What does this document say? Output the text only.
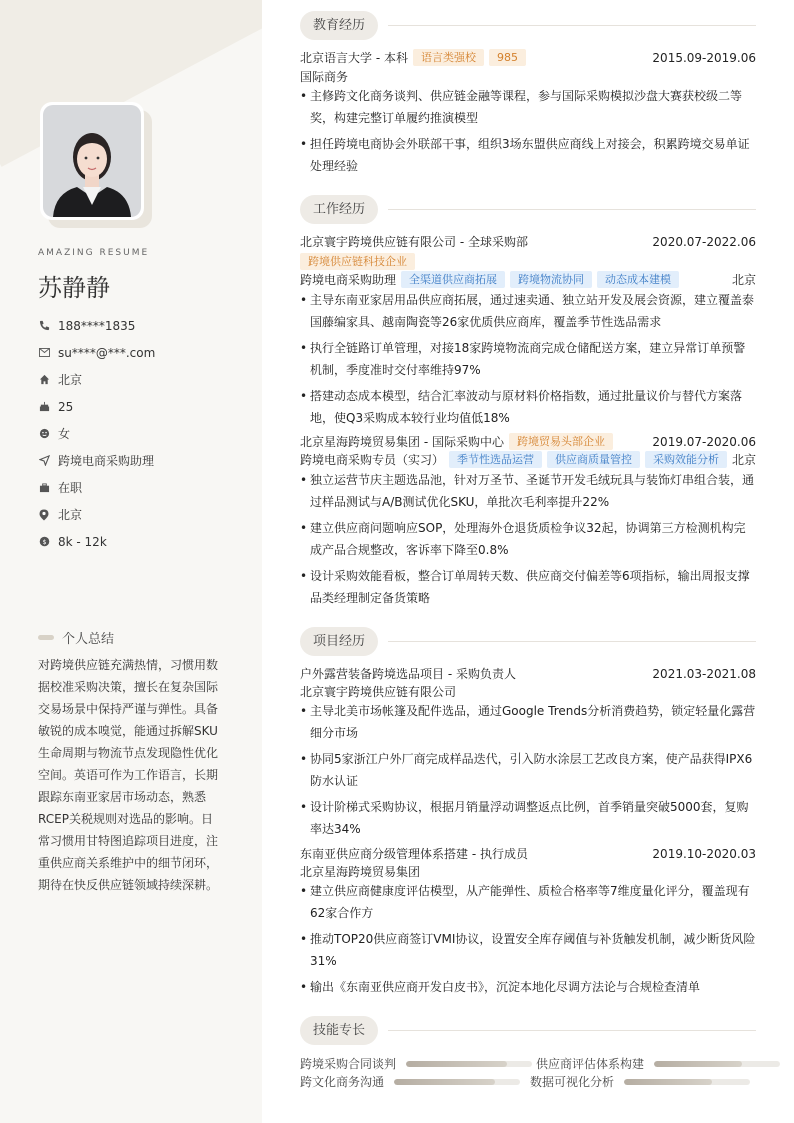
AMAZING RESUME
苏静静
188****1835
su****@***.com
北京
25
女
跨境电商采购助理
在职
北京
$ 8k - 12k
个人总结
对跨境供应链充满热情，习惯用数据校准采购决策，擅长在复杂国际交易场景中保持严谨与弹性。具备敏锐的成本嗅觉，能通过拆解SKU生命周期与物流节点发现隐性优化空间。英语可作为工作语言，长期跟踪东南亚家居市场动态，熟悉RCEP关税规则对选品的影响。日常习惯用甘特图追踪项目进度，注重供应商关系维护中的细节闭环，期待在快反供应链领域持续深耕。
教育经历
北京语言大学 - 本科	语言类强校	985	2015.09-2019.06
国际商务
• 主修跨文化商务谈判、供应链金融等课程，参与国际采购模拟沙盘大赛获校级二等奖，构建完整订单履约推演模型
• 担任跨境电商协会外联部干事，组织3场东盟供应商线上对接会，积累跨境交易单证处理经验
工作经历
北京寰宇跨境供应链有限公司 - 全球采购部	2020.07-2022.06
跨境供应链科技企业
跨境电商采购助理	全渠道供应商拓展	跨境物流协同	动态成本建模	北京
• 主导东南亚家居用品供应商拓展，通过速卖通、独立站开发及展会资源，建立覆盖泰国藤编家具、越南陶瓷等26家优质供应商库，覆盖季节性选品需求
• 执行全链路订单管理，对接18家跨境物流商完成仓储配送方案，建立异常订单预警机制，季度准时交付率维持97%
• 搭建动态成本模型，结合汇率波动与原材料价格指数，通过批量议价与替代方案落地，使Q3采购成本较行业均值低18%
北京星海跨境贸易集团 - 国际采购中心	跨境贸易头部企业	2019.07-2020.06
跨境电商采购专员（实习）	季节性选品运营	供应商质量管控	采购效能分析	北京
• 独立运营节庆主题选品池，针对万圣节、圣诞节开发毛绒玩具与装饰灯串组合装，通过样品测试与A/B测试优化SKU，单批次毛利率提升22%
• 建立供应商问题响应SOP，处理海外仓退货质检争议32起，协调第三方检测机构完成产品合规整改，客诉率下降至0.8%
• 设计采购效能看板，整合订单周转天数、供应商交付偏差等6项指标，输出周报支撑品类经理制定备货策略
项目经历
户外露营装备跨境选品项目 - 采购负责人	2021.03-2021.08
北京寰宇跨境供应链有限公司
• 主导北美市场帐篷及配件选品，通过Google Trends分析消费趋势，锁定轻量化露营细分市场
• 协同5家浙江户外厂商完成样品迭代，引入防水涂层工艺改良方案，使产品获得IPX6防水认证
• 设计阶梯式采购协议，根据月销量浮动调整返点比例，首季销量突破5000套，复购率达34%
东南亚供应商分级管理体系搭建 - 执行成员	2019.10-2020.03
北京星海跨境贸易集团
• 建立供应商健康度评估模型，从产能弹性、质检合格率等7维度量化评分，覆盖现有62家合作方
• 推动TOP20供应商签订VMI协议，设置安全库存阈值与补货触发机制，减少断货风险31%
• 输出《东南亚供应商开发白皮书》，沉淀本地化尽调方法论与合规检查清单
技能专长
跨境采购合同谈判	供应商评估体系构建
跨文化商务沟通	数据可视化分析
